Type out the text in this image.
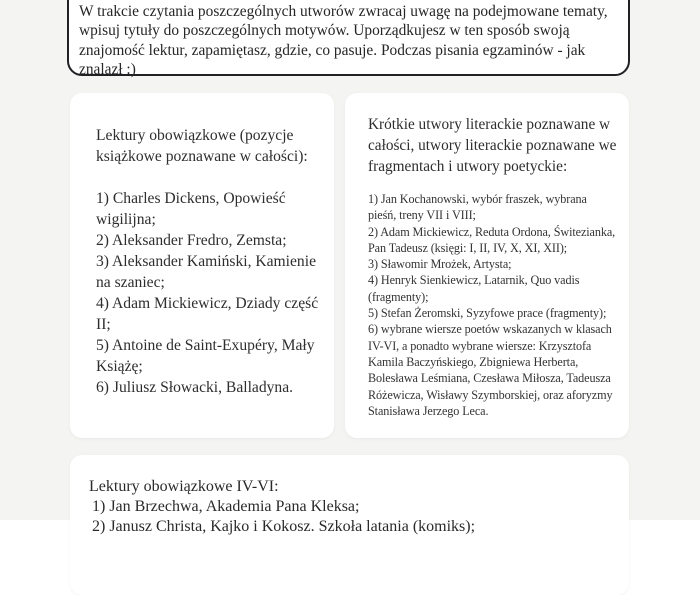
W trakcie czytania poszczególnych utworów zwracaj uwagę na podejmowane tematy, wpisuj tytuły do poszczególnych motywów. Uporządkujesz w ten sposób swoją znajomość lektur, zapamiętasz, gdzie, co pasuje. Podczas pisania egzaminów - jak znalazł :)

Lektury obowiązkowe (pozycje książkowe poznawane w całości):

1) Charles Dickens, Opowieść wigilijna;

2) Aleksander Fredro, Zemsta;

3) Aleksander Kamiński, Kamienie na szaniec;

4) Adam Mickiewicz, Dziady część II;

5) Antoine de Saint-Exupéry, Mały Książę;

6) Juliusz Słowacki, Balladyna.

Krótkie utwory literackie poznawane w całości, utwory literackie poznawane we fragmentach i utwory poetyckie:

1) Jan Kochanowski, wybór fraszek, wybrana pieśń, treny VII i VIII;

2) Adam Mickiewicz, Reduta Ordona, Świtezianka, Pan Tadeusz (księgi: I, II, IV, X, XI, XII);

3) Sławomir Mrożek, Artysta;

4) Henryk Sienkiewicz, Latarnik, Quo vadis (fragmenty);

5) Stefan Żeromski, Syzyfowe prace (fragmenty);

6) wybrane wiersze poetów wskazanych w klasach IV-VI, a ponadto wybrane wiersze: Krzysztofa Kamila Baczyńskiego, Zbigniewa Herberta, Bolesława Leśmiana, Czesława Miłosza, Tadeusza Różewicza, Wisławy Szymborskiej, oraz aforyzmy Stanisława Jerzego Leca.

Lektury obowiązkowe IV-VI:

1) Jan Brzechwa, Akademia Pana Kleksa;

2) Janusz Christa, Kajko i Kokosz. Szkoła latania (komiks);
